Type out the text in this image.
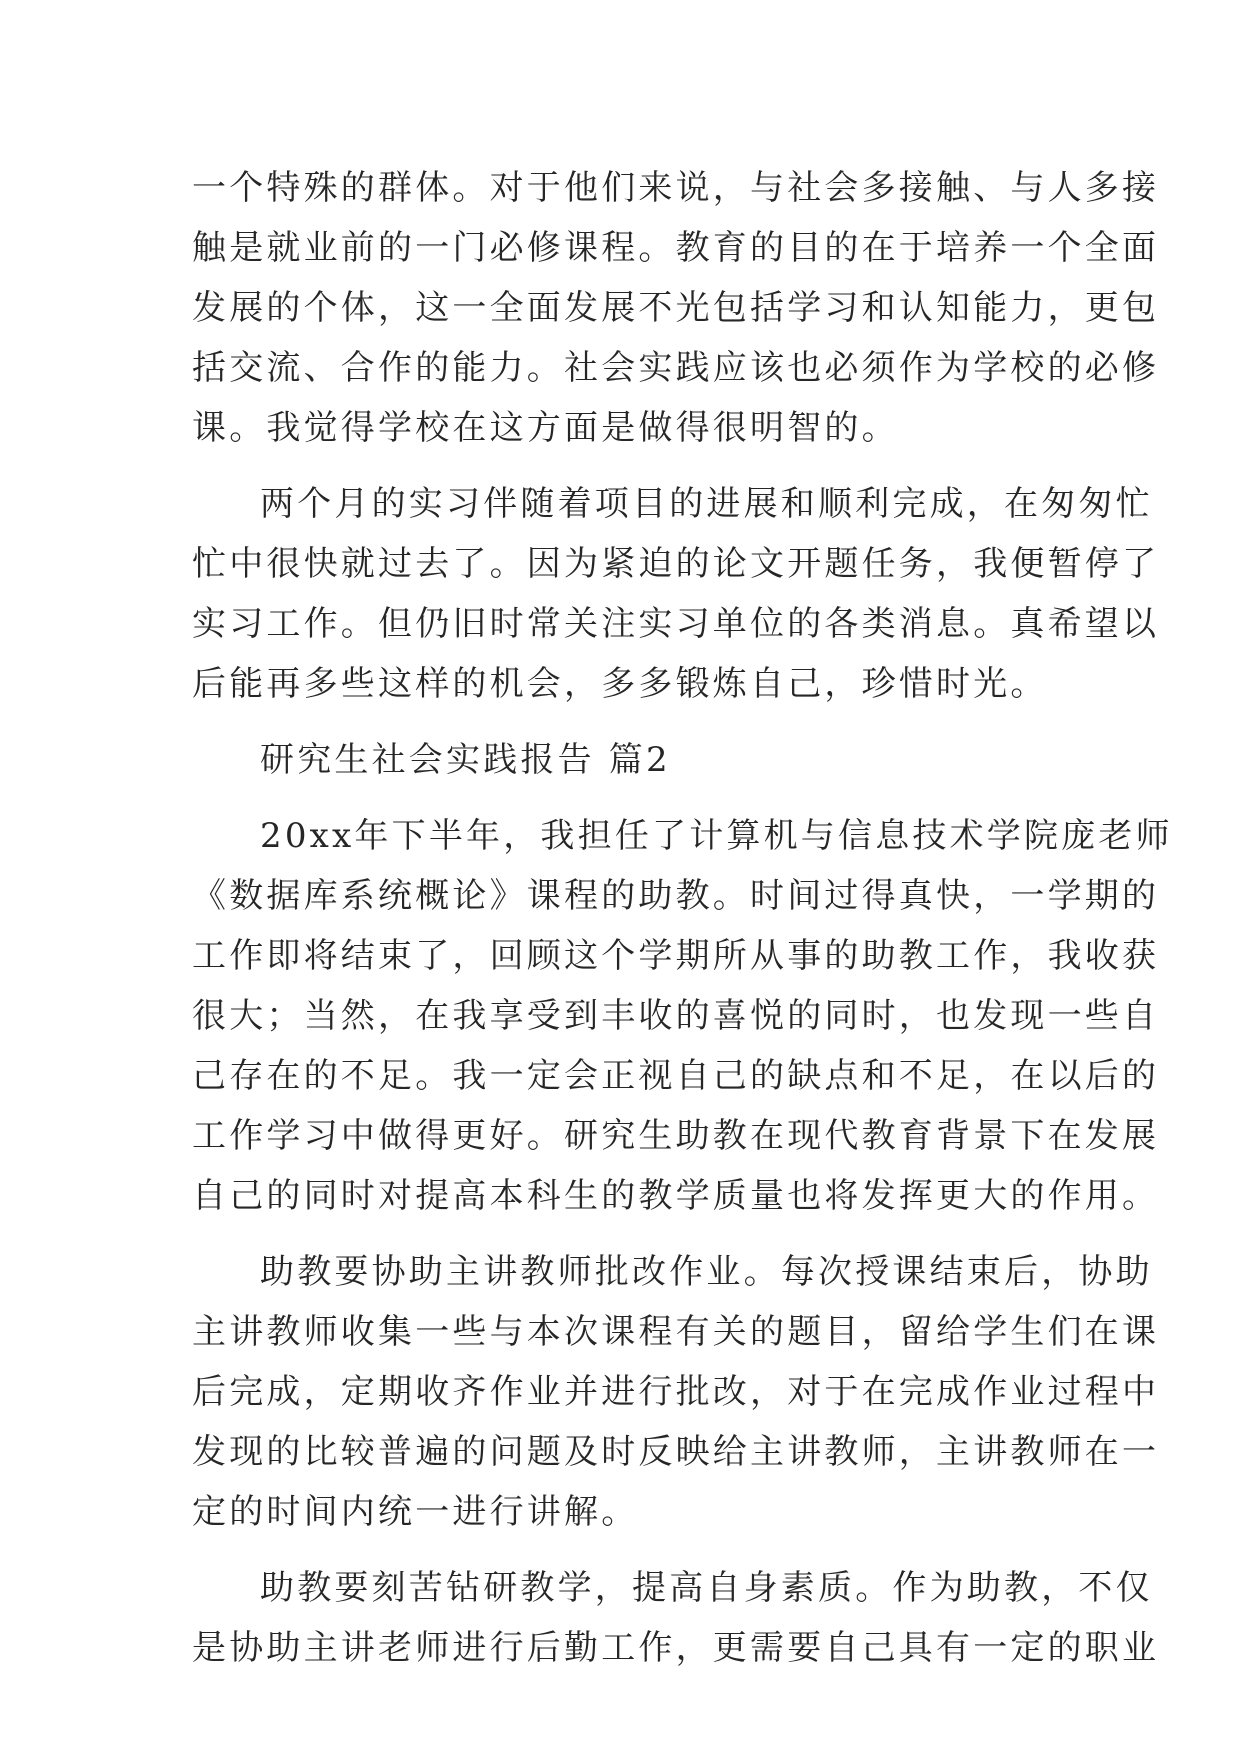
一个特殊的群体。对于他们来说，与社会多接触、与人多接
触是就业前的一门必修课程。教育的目的在于培养一个全面
发展的个体，这一全面发展不光包括学习和认知能力，更包
括交流、合作的能力。社会实践应该也必须作为学校的必修
课。我觉得学校在这方面是做得很明智的。
两个月的实习伴随着项目的进展和顺利完成，在匆匆忙
忙中很快就过去了。因为紧迫的论文开题任务，我便暂停了
实习工作。但仍旧时常关注实习单位的各类消息。真希望以
后能再多些这样的机会，多多锻炼自己，珍惜时光。
研究生社会实践报告 篇2
20xx年下半年，我担任了计算机与信息技术学院庞老师
《数据库系统概论》课程的助教。时间过得真快，一学期的
工作即将结束了，回顾这个学期所从事的助教工作，我收获
很大；当然，在我享受到丰收的喜悦的同时，也发现一些自
己存在的不足。我一定会正视自己的缺点和不足，在以后的
工作学习中做得更好。研究生助教在现代教育背景下在发展
自己的同时对提高本科生的教学质量也将发挥更大的作用。
助教要协助主讲教师批改作业。每次授课结束后，协助
主讲教师收集一些与本次课程有关的题目，留给学生们在课
后完成，定期收齐作业并进行批改，对于在完成作业过程中
发现的比较普遍的问题及时反映给主讲教师，主讲教师在一
定的时间内统一进行讲解。
助教要刻苦钻研教学，提高自身素质。作为助教，不仅
是协助主讲老师进行后勤工作，更需要自己具有一定的职业
